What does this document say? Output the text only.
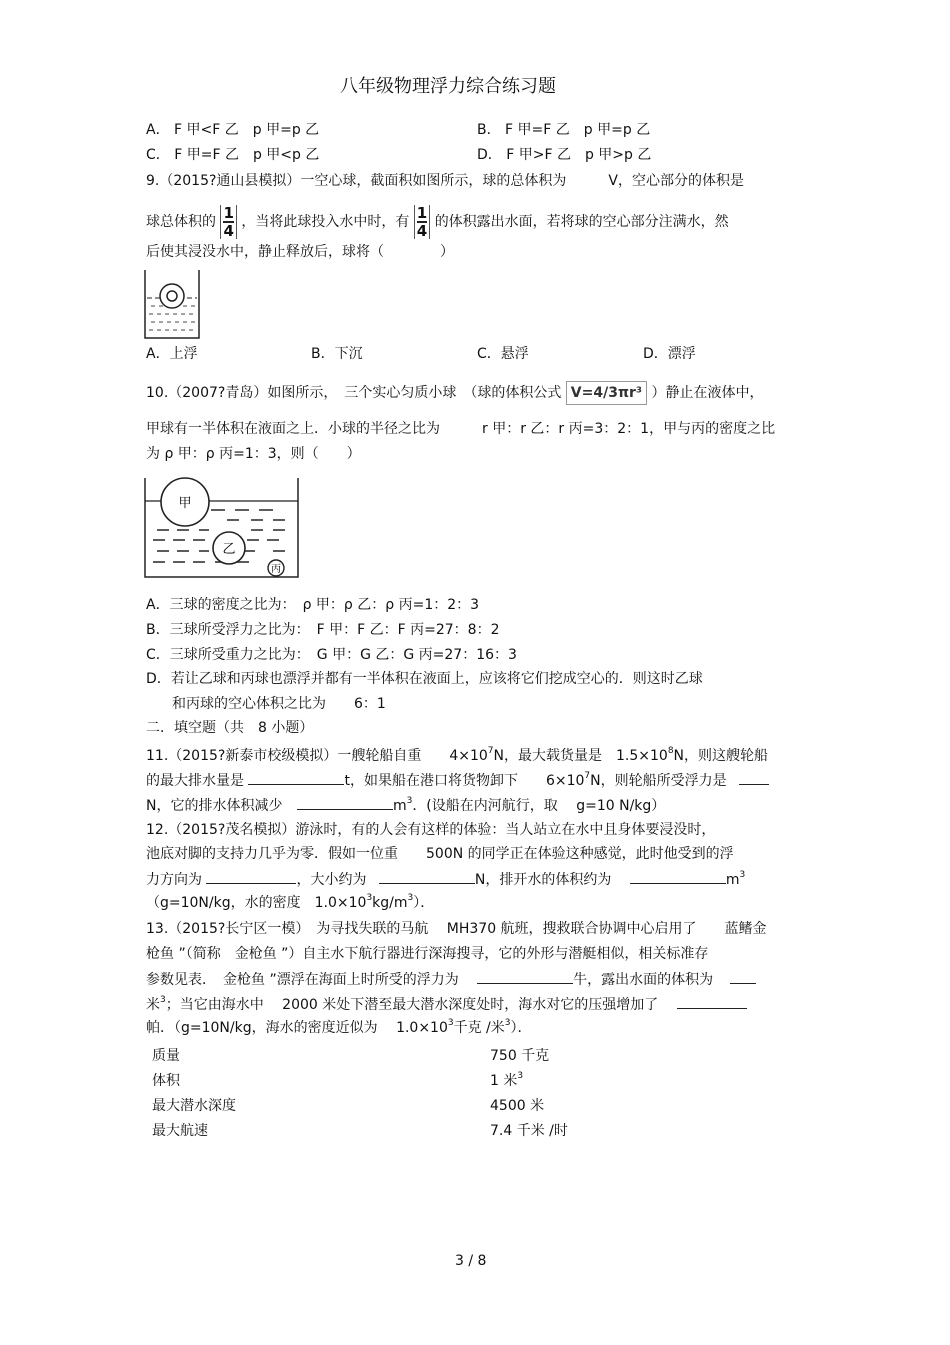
八年级物理浮力综合练习题
A． F 甲<F 乙　p 甲=p 乙	B． F 甲=F 乙　p 甲=p 乙
C． F 甲=F 乙　p 甲<p 乙	D． F 甲>F 乙　p 甲>p 乙
9.（2015?通山县模拟）一空心球，截面积如图所示，球的总体积为　　　V，空心部分的体积是
球总体积的 $\frac{1}{4}$ ，当将此球投入水中时，有 $\frac{1}{4}$ 的体积露出水面，若将球的空心部分注满水，然
后使其浸没水中，静止释放后，球将（　　　　）
A．上浮	B．下沉	C．悬浮	D．漂浮
10.（2007?青岛）如图所示，　三个实心匀质小球　（球的体积公式 V=4/3πr³ ）静止在液体中，
甲球有一半体积在液面之上．小球的半径之比为　　　r 甲：r 乙：r 丙=3：2：1，甲与丙的密度之比
为 ρ 甲：ρ 丙=1：3，则（　　）
甲
乙
丙
A．三球的密度之比为：　ρ 甲：ρ 乙：ρ 丙=1：2：3
B．三球所受浮力之比为：　F 甲：F 乙：F 丙=27：8：2
C．三球所受重力之比为：　G 甲：G 乙：G 丙=27：16：3
D．若让乙球和丙球也漂浮并都有一半体积在液面上，应该将它们挖成空心的．则这时乙球
和丙球的空心体积之比为　　6：1
二．填空题（共　8 小题）
11.（2015?新泰市校级模拟）一艘轮船自重　　$4\times 10^7N$，最大载货量是　$1.5\times 10^8N$，则这艘轮船
的最大排水量是	t，如果船在港口将货物卸下　　$6\times 10^7N$，则轮船所受浮力是
N，它的排水体积减少	$m^3$．(设船在内河航行，取　 g=10 N/kg）
12.（2015?茂名模拟）游泳时，有的人会有这样的体验：当人站立在水中且身体要浸没时，
池底对脚的支持力几乎为零．假如一位重　　500N 的同学正在体验这种感觉，此时他受到的浮
力方向为	，大小约为	N，排开水的体积约为	$m^3$
（g=10N/kg，水的密度　$1.0\times 10^3kg/m^3$）．
13.（2015?长宁区一模）　为寻找失联的马航　 MH370 航班，搜救联合协调中心启用了　　蓝鳍金
枪鱼 ”（简称　金枪鱼 ”）自主水下航行器进行深海搜寻，它的外形与潜艇相似，相关标准存
参数见表．　金枪鱼 ”漂浮在海面上时所受的浮力为	牛，露出水面的体积为
米$^3$；当它由海水中　 2000 米处下潜至最大潜水深度处时，海水对它的压强增加了
帕．（g=10N/kg，海水的密度近似为　 $1.0\times 10^3$千克 /米$^3$）．
质量	750 千克
体积	1 米$^3$
最大潜水深度	4500 米
最大航速	7.4 千米 /时
3 / 8
